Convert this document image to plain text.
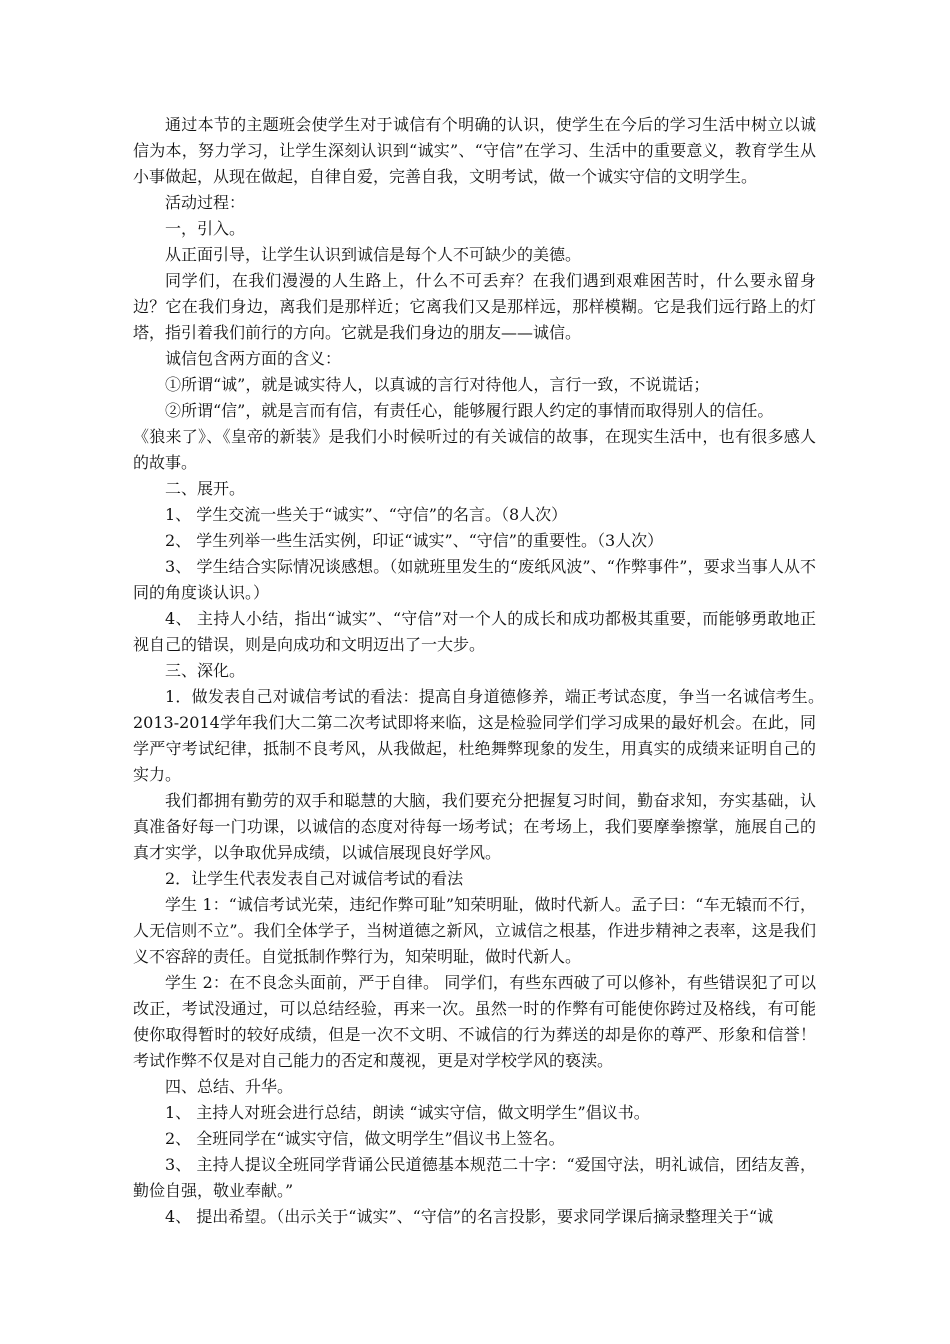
通过本节的主题班会使学生对于诚信有个明确的认识，使学生在今后的学习生活中树立以诚信为本，努力学习，让学生深刻认识到“诚实”、“守信”在学习、生活中的重要意义，教育学生从小事做起，从现在做起，自律自爱，完善自我，文明考试，做一个诚实守信的文明学生。

活动过程：

一，引入。

从正面引导，让学生认识到诚信是每个人不可缺少的美德。

同学们，在我们漫漫的人生路上，什么不可丢弃？在我们遇到艰难困苦时，什么要永留身边？它在我们身边，离我们是那样近；它离我们又是那样远，那样模糊。它是我们远行路上的灯塔，指引着我们前行的方向。它就是我们身边的朋友——诚信。

诚信包含两方面的含义：

①所谓“诚”，就是诚实待人，以真诚的言行对待他人，言行一致，不说谎话；

②所谓“信”，就是言而有信，有责任心，能够履行跟人约定的事情而取得别人的信任。

《狼来了》、《皇帝的新装》是我们小时候听过的有关诚信的故事，在现实生活中，也有很多感人的故事。

二、展开。

1、 学生交流一些关于“诚实”、“守信”的名言。（8人次）

2、 学生列举一些生活实例，印证“诚实”、“守信”的重要性。（3人次）

3、 学生结合实际情况谈感想。（如就班里发生的“废纸风波”、“作弊事件”，要求当事人从不同的角度谈认识。）

4、 主持人小结，指出“诚实”、“守信”对一个人的成长和成功都极其重要，而能够勇敢地正视自己的错误，则是向成功和文明迈出了一大步。

三、深化。

1．做发表自己对诚信考试的看法：提高自身道德修养，端正考试态度，争当一名诚信考生。　　2013-2014学年我们大二第二次考试即将来临，这是检验同学们学习成果的最好机会。在此，同学严守考试纪律，抵制不良考风，从我做起，杜绝舞弊现象的发生，用真实的成绩来证明自己的实力。

我们都拥有勤劳的双手和聪慧的大脑，我们要充分把握复习时间，勤奋求知，夯实基础，认真准备好每一门功课，以诚信的态度对待每一场考试；在考场上，我们要摩拳擦掌，施展自己的真才实学，以争取优异成绩，以诚信展现良好学风。

2．让学生代表发表自己对诚信考试的看法

学生 1：“诚信考试光荣，违纪作弊可耻”知荣明耻，做时代新人。孟子曰：“车无辕而不行，人无信则不立”。我们全体学子，当树道德之新风，立诚信之根基，作进步精神之表率，这是我们义不容辞的责任。自觉抵制作弊行为，知荣明耻，做时代新人。

学生 2：在不良念头面前，严于自律。 同学们，有些东西破了可以修补，有些错误犯了可以改正，考试没通过，可以总结经验，再来一次。虽然一时的作弊有可能使你跨过及格线，有可能使你取得暂时的较好成绩，但是一次不文明、不诚信的行为葬送的却是你的尊严、形象和信誉！考试作弊不仅是对自己能力的否定和蔑视，更是对学校学风的亵渎。

四、总结、升华。

1、 主持人对班会进行总结，朗读 “诚实守信，做文明学生”倡议书。

2、 全班同学在“诚实守信，做文明学生”倡议书上签名。

3、 主持人提议全班同学背诵公民道德基本规范二十字：“爱国守法，明礼诚信，团结友善，勤俭自强，敬业奉献。”

4、 提出希望。（出示关于“诚实”、“守信”的名言投影，要求同学课后摘录整理关于“诚
